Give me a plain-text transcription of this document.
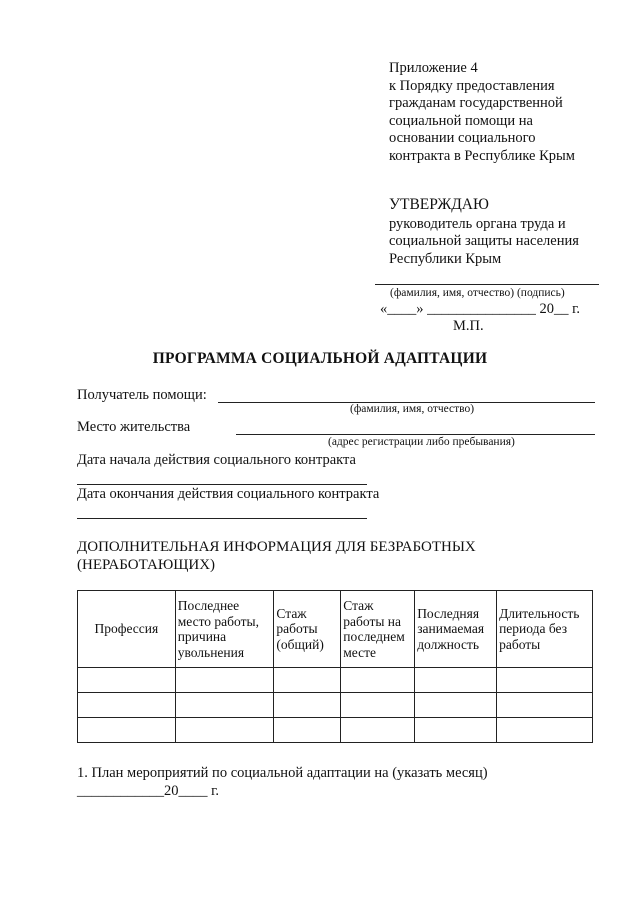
Приложение 4
к Порядку предоставления
гражданам государственной
социальной помощи на
основании социального
контракта в Республике Крым
УТВЕРЖДАЮ
руководитель органа труда и
социальной защиты населения
Республики Крым
(фамилия, имя, отчество) (подпись)
«____» _______________ 20__ г.
М.П.
ПРОГРАММА СОЦИАЛЬНОЙ АДАПТАЦИИ
Получатель помощи:
(фамилия, имя, отчество)
Место жительства
(адрес регистрации либо пребывания)
Дата начала действия социального контракта
Дата окончания действия социального контракта
ДОПОЛНИТЕЛЬНАЯ ИНФОРМАЦИЯ ДЛЯ БЕЗРАБОТНЫХ (НЕРАБОТАЮЩИХ)
Профессия	Последнее место работы, причина увольнения	Стаж работы (общий)	Стаж работы на последнем месте	Последняя занимаемая должность	Длительность периода без работы

1. План мероприятий по социальной адаптации на (указать месяц)
____________20____ г.
